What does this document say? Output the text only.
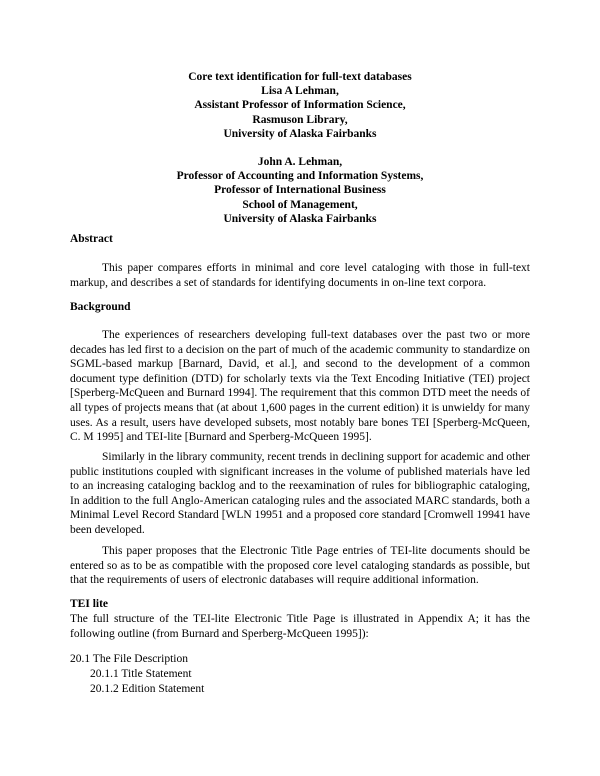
Core text identification for full-text databases
Lisa A Lehman,
Assistant Professor of Information Science,
Rasmuson Library,
University of Alaska Fairbanks
John A. Lehman,
Professor of Accounting and Information Systems,
Professor of International Business
School of Management,
University of Alaska Fairbanks
Abstract
This paper compares efforts in minimal and core level cataloging with those in full-text markup, and describes a set of standards for identifying documents in on-line text corpora.
Background
The experiences of researchers developing full-text databases over the past two or more decades has led first to a decision on the part of much of the academic community to standardize on SGML-based markup [Barnard, David, et al.], and second to the development of a common document type definition (DTD) for scholarly texts via the Text Encoding Initiative (TEI) project [Sperberg-McQueen and Burnard 1994]. The requirement that this common DTD meet the needs of all types of projects means that (at about 1,600 pages in the current edition) it is unwieldy for many uses. As a result, users have developed subsets, most notably bare bones TEI [Sperberg-McQueen, C. M 1995] and TEI-lite [Burnard and Sperberg-McQueen 1995].
Similarly in the library community, recent trends in declining support for academic and other public institutions coupled with significant increases in the volume of published materials have led to an increasing cataloging backlog and to the reexamination of rules for bibliographic cataloging, In addition to the full Anglo-American cataloging rules and the associated MARC standards, both a Minimal Level Record Standard [WLN 19951 and a proposed core standard [Cromwell 19941 have been developed.
This paper proposes that the Electronic Title Page entries of TEI-lite documents should be entered so as to be as compatible with the proposed core level cataloging standards as possible, but that the requirements of users of electronic databases will require additional information.
TEI lite
The full structure of the TEI-lite Electronic Title Page is illustrated in Appendix A; it has the following outline (from Burnard and Sperberg-McQueen 1995]):
20.1 The File Description
20.1.1 Title Statement
20.1.2 Edition Statement
